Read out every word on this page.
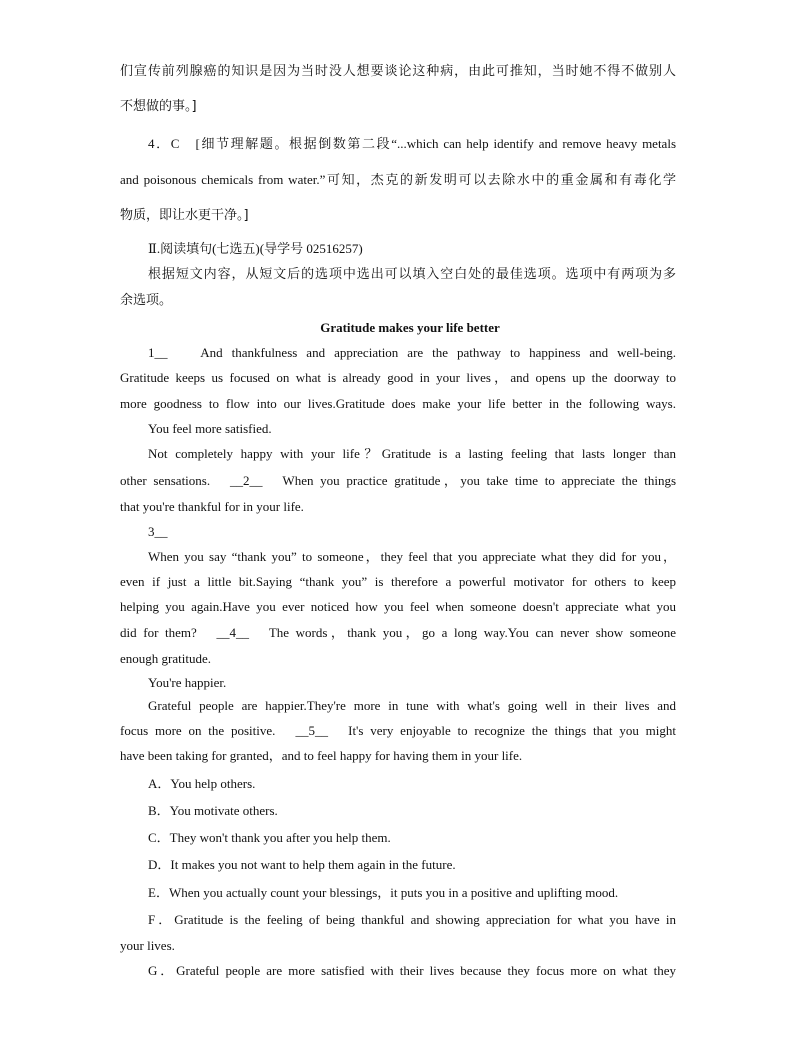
们宣传前列腺癌的知识是因为当时没人想要谈论这种病，由此可推知，当时她不得不做别人
不想做的事。]
4．C　[细节理解题。根据倒数第二段“...which can help identify and remove heavy metals
and poisonous chemicals from water.”可知，杰克的新发明可以去除水中的重金属和有毒化学
物质，即让水更干净。]
Ⅱ.阅读填句(七选五)(导学号 02516257)
根据短文内容，从短文后的选项中选出可以填入空白处的最佳选项。选项中有两项为多
余选项。
Gratitude makes your life better
1__　 And thankfulness and appreciation are the pathway to happiness and well-being.
Gratitude keeps us focused on what is already good in your lives，and opens up the doorway to
more goodness to flow into our lives.Gratitude does make your life better in the following ways.
You feel more satisfied.
Not completely happy with your life？Gratitude is a lasting feeling that lasts longer than
other sensations.　__2__　When you practice gratitude，you take time to appreciate the things
that you're thankful for in your life.
3__
When you say “thank you” to someone，they feel that you appreciate what they did for you，
even if just a little bit.Saying “thank you” is therefore a powerful motivator for others to keep
helping you again.Have you ever noticed how you feel when someone doesn't appreciate what you
did for them?　__4__　The words，thank you，go a long way.You can never show someone
enough gratitude.
You're happier.
Grateful people are happier.They're more in tune with what's going well in their lives and
focus more on the positive.　__5__　It's very enjoyable to recognize the things that you might
have been taking for granted，and to feel happy for having them in your life.
A．You help others.
B．You motivate others.
C．They won't thank you after you help them.
D．It makes you not want to help them again in the future.
E．When you actually count your blessings，it puts you in a positive and uplifting mood.
F．Gratitude is the feeling of being thankful and showing appreciation for what you have in
your lives.
G．Grateful people are more satisfied with their lives because they focus more on what they
